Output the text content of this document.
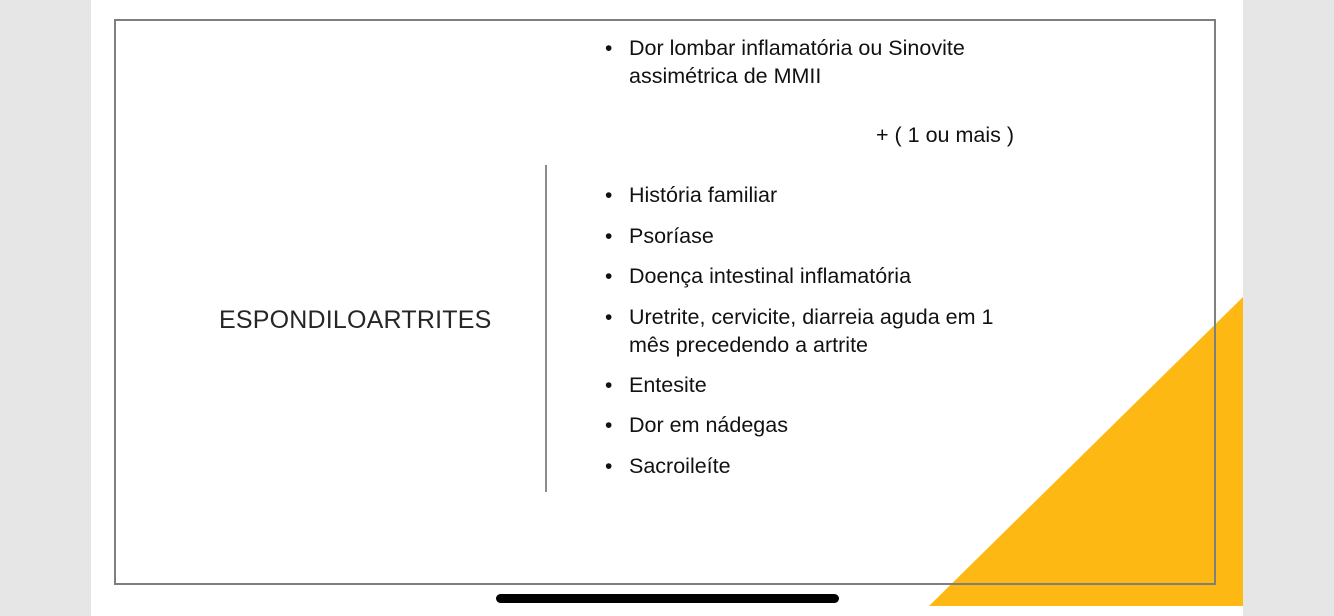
ESPONDILOARTRITES
• Dor lombar inflamatória ou Sinovite
assimétrica de MMII
+ ( 1 ou mais )
• História familiar
• Psoríase
• Doença intestinal inflamatória
• Uretrite, cervicite, diarreia aguda em 1
mês precedendo a artrite
• Entesite
• Dor em nádegas
• Sacroileíte
